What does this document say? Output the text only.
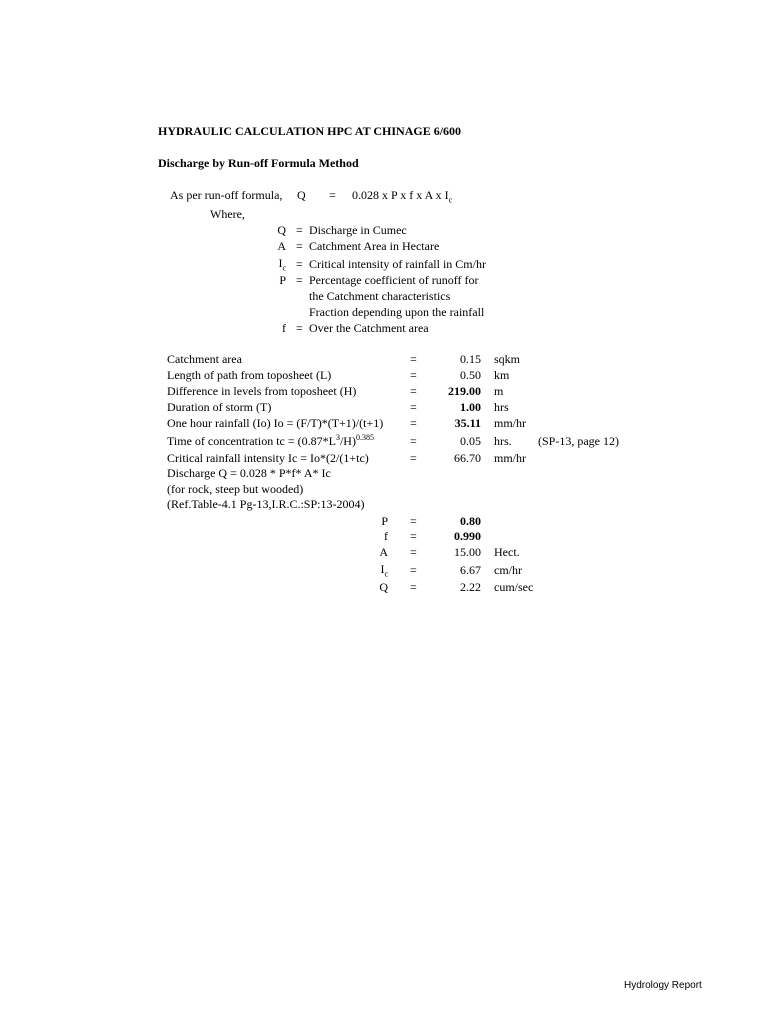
HYDRAULIC CALCULATION HPC AT CHINAGE 6/600
Discharge by Run-off Formula Method
As per run-off formula, Q = 0.028 x P x f x A x $I_c$
Where,
Q = Discharge in Cumec
A = Catchment Area in Hectare
$I_c$ = Critical intensity of rainfall in Cm/hr
P = Percentage coefficient of runoff for
the Catchment characteristics
Fraction depending upon the rainfall
f = Over the Catchment area
Catchment area	=	0.15 sqkm
Length of path from toposheet (L)	=	0.50 km
Difference in levels from toposheet (H)	=	219.00 m
Duration of storm (T)	=	1.00 hrs
One hour rainfall (Io) Io = (F/T)*(T+1)/(t+1) =	35.11 mm/hr
Time of concentration tc = $(0.87*L^3/H)^{0.385}$	=	0.05 hrs. (SP-13, page 12)
Critical rainfall intensity Ic = Io*(2/(1+tc)	=	66.70 mm/hr
Discharge Q = 0.028 * P*f* A* Ic
(for rock, steep but wooded)
(Ref.Table-4.1 Pg-13,I.R.C.:SP:13-2004)
P =	0.80
f =	0.990
A =	15.00 Hect.
$I_c$ =	6.67 cm/hr
Q =	2.22 cum/sec
Hydrology Report
